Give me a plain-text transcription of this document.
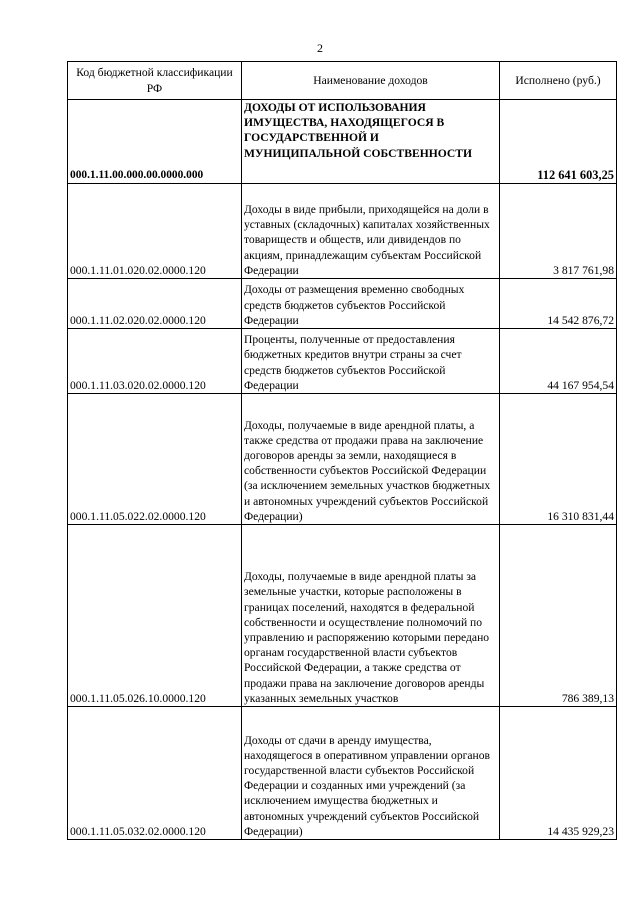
2
Код бюджетной классификации РФ	Наименование доходов	Исполнено (руб.)
000.1.11.00.000.00.0000.000	ДОХОДЫ ОТ ИСПОЛЬЗОВАНИЯ ИМУЩЕСТВА, НАХОДЯЩЕГОСЯ В ГОСУДАРСТВЕННОЙ И МУНИЦИПАЛЬНОЙ СОБСТВЕННОСТИ	112 641 603,25
000.1.11.01.020.02.0000.120	Доходы в виде прибыли, приходящейся на доли в уставных (складочных) капиталах хозяйственных товариществ и обществ, или дивидендов по акциям, принадлежащим субъектам Российской Федерации	3 817 761,98
000.1.11.02.020.02.0000.120	Доходы от размещения временно свободных средств бюджетов субъектов Российской Федерации	14 542 876,72
000.1.11.03.020.02.0000.120	Проценты, полученные от предоставления бюджетных кредитов внутри страны за счет средств бюджетов субъектов Российской Федерации	44 167 954,54
000.1.11.05.022.02.0000.120	Доходы, получаемые в виде арендной платы, а также средства от продажи права на заключение договоров аренды за земли, находящиеся в собственности субъектов Российской Федерации (за исключением земельных участков бюджетных и автономных учреждений субъектов Российской Федерации)	16 310 831,44
000.1.11.05.026.10.0000.120	Доходы, получаемые в виде арендной платы за земельные участки, которые расположены в границах поселений, находятся в федеральной собственности и осуществление полномочий по управлению и распоряжению которыми передано органам государственной власти субъектов Российской Федерации, а также средства от продажи права на заключение договоров аренды указанных земельных участков	786 389,13
000.1.11.05.032.02.0000.120	Доходы от сдачи в аренду имущества, находящегося в оперативном управлении органов государственной власти субъектов Российской Федерации и созданных ими учреждений (за исключением имущества бюджетных и автономных учреждений субъектов Российской Федерации)	14 435 929,23
